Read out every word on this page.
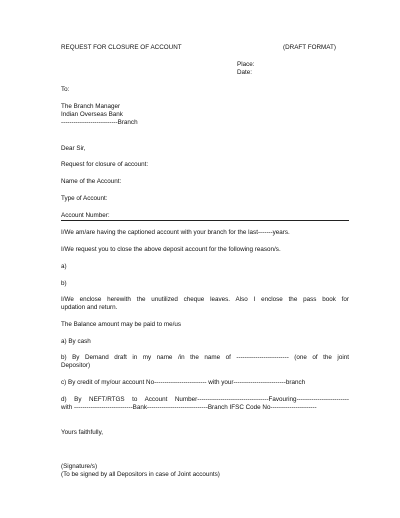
REQUEST FOR CLOSURE OF ACCOUNT	(DRAFT FORMAT)
Place:
Date:
To:
The Branch Manager
Indian Overseas Bank
---------------------------Branch
Dear Sir,
Request for closure of account:
Name of the Account:
Type of Account:
Account Number:
I/We am/are having the captioned account with your branch for the last-------years.
I/We request you to close the above deposit account for the following reason/s.
a)
b)
I/We enclose herewith the unutilized cheque leaves. Also I enclose the pass book for
updation and return.
The Balance amount may be paid to me/us
a) By cash
b) By Demand draft in my name /in the name of ------------------------- (one of the joint
Depositor)
c) By credit of my/our account No------------------------- with your-------------------------branch
d) By NEFT/RTGS to Account Number----------------------------------Favouring-------------------------
with ----------------------------Bank-----------------------------Branch IFSC Code No----------------------
Yours faithfully,
(Signature/s)
(To be signed by all Depositors in case of Joint accounts)
